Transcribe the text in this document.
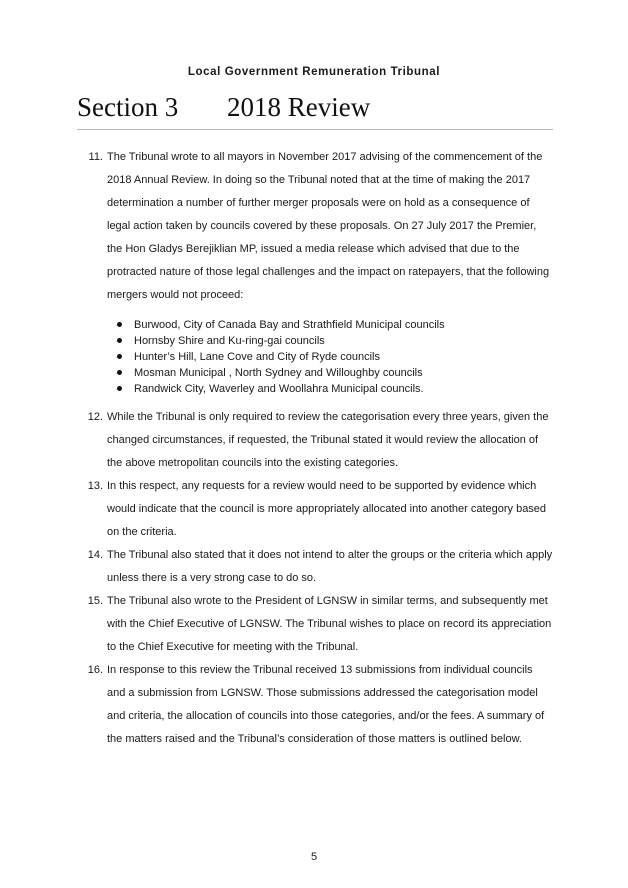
Local Government Remuneration Tribunal
Section 3 2018 Review
11. The Tribunal wrote to all mayors in November 2017 advising of the commencement of the 2018 Annual Review. In doing so the Tribunal noted that at the time of making the 2017 determination a number of further merger proposals were on hold as a consequence of legal action taken by councils covered by these proposals. On 27 July 2017 the Premier, the Hon Gladys Berejiklian MP, issued a media release which advised that due to the protracted nature of those legal challenges and the impact on ratepayers, that the following mergers would not proceed:
Burwood, City of Canada Bay and Strathfield Municipal councils
Hornsby Shire and Ku-ring-gai councils
Hunter’s Hill, Lane Cove and City of Ryde councils
Mosman Municipal , North Sydney and Willoughby councils
Randwick City, Waverley and Woollahra Municipal councils.
12. While the Tribunal is only required to review the categorisation every three years, given the changed circumstances, if requested, the Tribunal stated it would review the allocation of the above metropolitan councils into the existing categories.
13. In this respect, any requests for a review would need to be supported by evidence which would indicate that the council is more appropriately allocated into another category based on the criteria.
14. The Tribunal also stated that it does not intend to alter the groups or the criteria which apply unless there is a very strong case to do so.
15. The Tribunal also wrote to the President of LGNSW in similar terms, and subsequently met with the Chief Executive of LGNSW. The Tribunal wishes to place on record its appreciation to the Chief Executive for meeting with the Tribunal.
16. In response to this review the Tribunal received 13 submissions from individual councils and a submission from LGNSW. Those submissions addressed the categorisation model and criteria, the allocation of councils into those categories, and/or the fees. A summary of the matters raised and the Tribunal’s consideration of those matters is outlined below.
5
